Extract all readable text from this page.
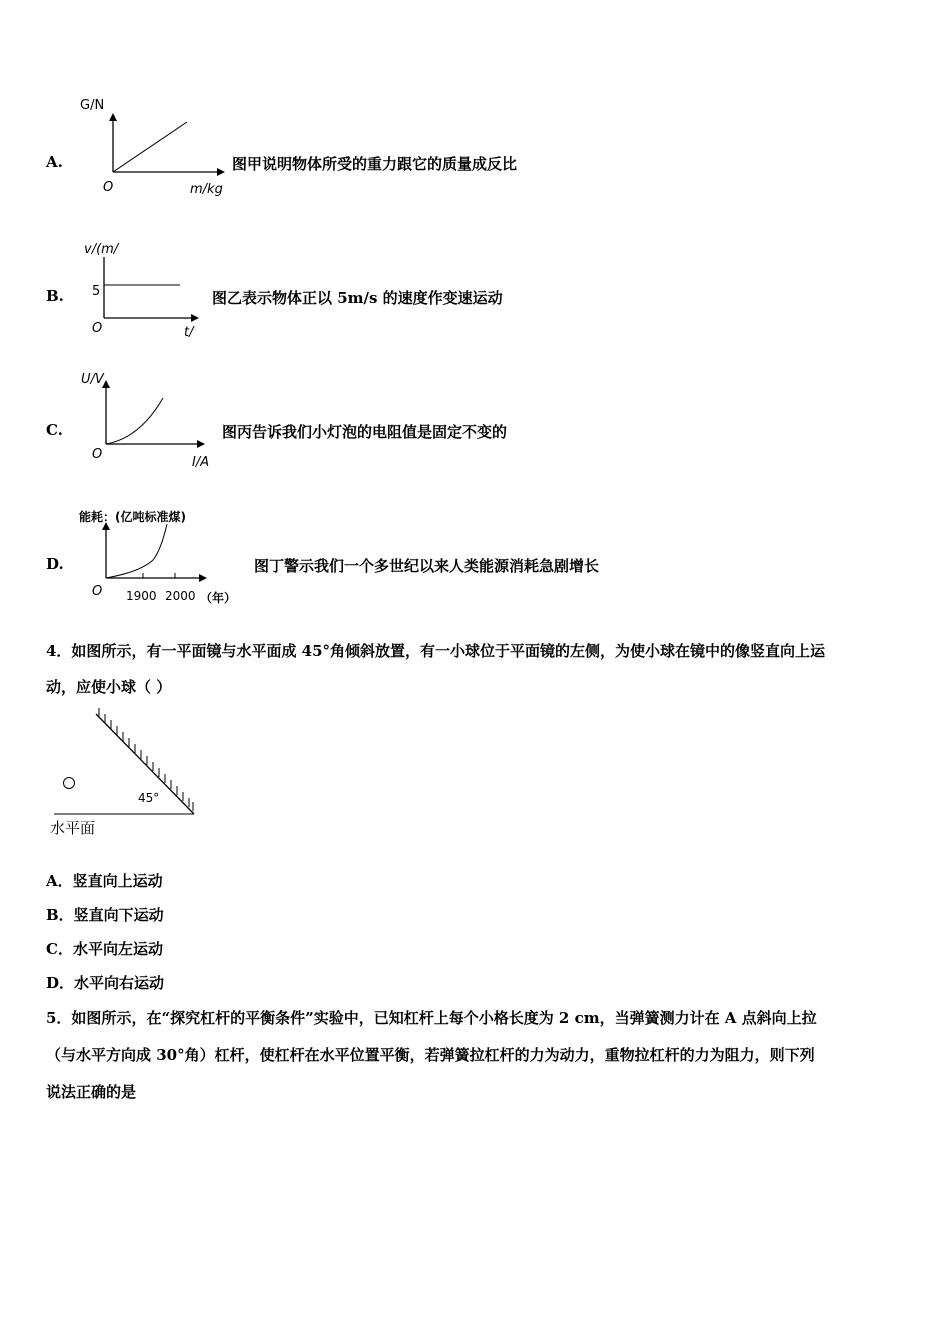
A.
G/N
O	m/kg
图甲说明物体所受的重力跟它的质量成反比
B.
v/(m/
5
O	t/
图乙表示物体正以 5m/s 的速度作变速运动
C.
U/V
O
I/A
图丙告诉我们小灯泡的电阻值是固定不变的
D.
能耗：(亿吨标准煤)
O 1900 2000 （年）
图丁警示我们一个多世纪以来人类能源消耗急剧增长
4．如图所示，有一平面镜与水平面成 45°角倾斜放置，有一小球位于平面镜的左侧，为使小球在镜中的像竖直向上运
动，应使小球（ ）
45°
水平面
A．竖直向上运动
B．竖直向下运动
C．水平向左运动
D．水平向右运动
5．如图所示，在“探究杠杆的平衡条件”实验中，已知杠杆上每个小格长度为 2 cm，当弹簧测力计在 A 点斜向上拉
（与水平方向成 30°角）杠杆，使杠杆在水平位置平衡，若弹簧拉杠杆的力为动力，重物拉杠杆的力为阻力，则下列
说法正确的是
